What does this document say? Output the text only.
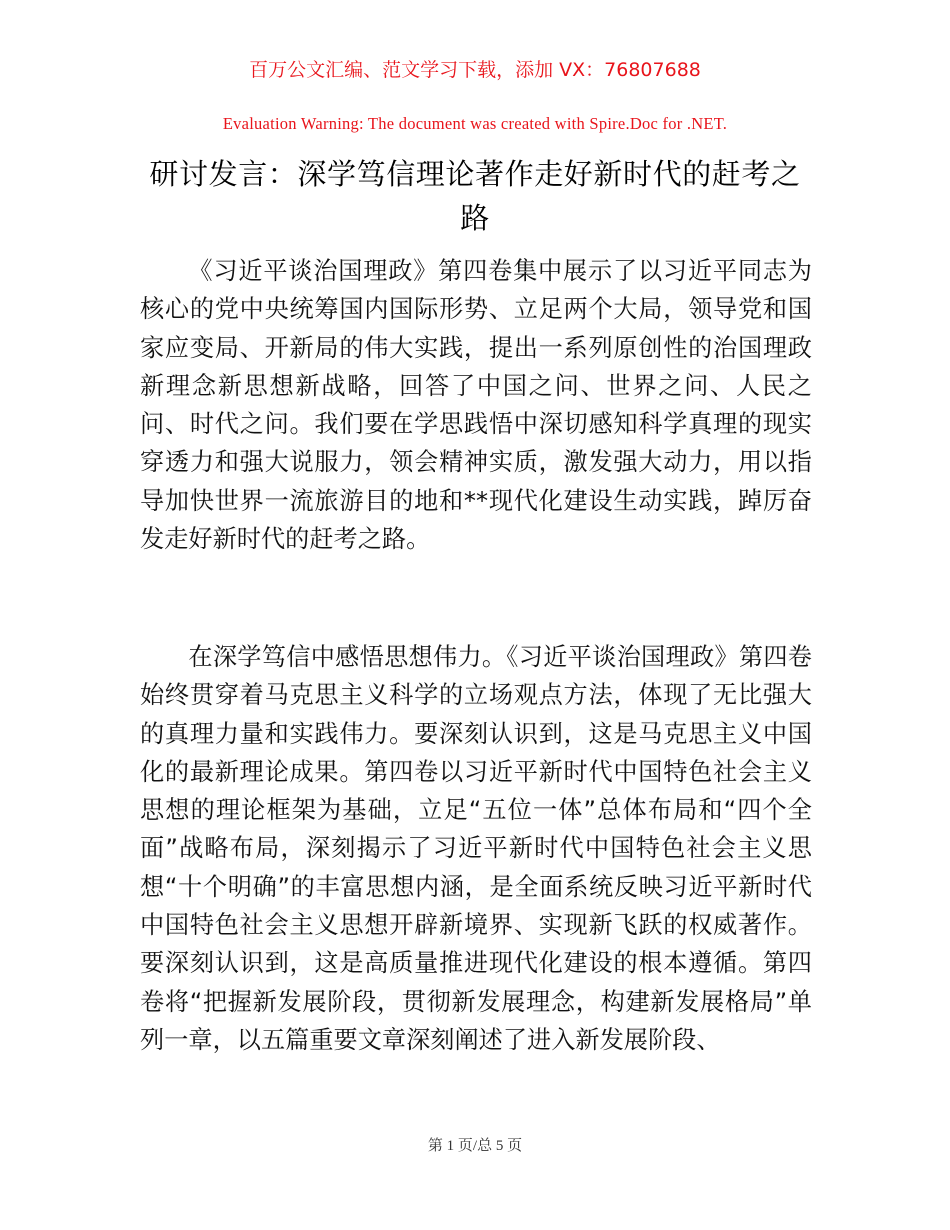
百万公文汇编、范文学习下载，添加 VX：76807688
Evaluation Warning: The document was created with Spire.Doc for .NET.
研讨发言：深学笃信理论著作走好新时代的赶考之路

《习近平谈治国理政》第四卷集中展示了以习近平同志为核心的党中央统筹国内国际形势、立足两个大局，领导党和国家应变局、开新局的伟大实践，提出一系列原创性的治国理政新理念新思想新战略，回答了中国之问、世界之问、人民之问、时代之问。我们要在学思践悟中深切感知科学真理的现实穿透力和强大说服力，领会精神实质，激发强大动力，用以指导加快世界一流旅游目的地和**现代化建设生动实践，踔厉奋发走好新时代的赶考之路。

在深学笃信中感悟思想伟力。《习近平谈治国理政》第四卷始终贯穿着马克思主义科学的立场观点方法，体现了无比强大的真理力量和实践伟力。要深刻认识到，这是马克思主义中国化的最新理论成果。第四卷以习近平新时代中国特色社会主义思想的理论框架为基础，立足“五位一体”总体布局和“四个全面”战略布局，深刻揭示了习近平新时代中国特色社会主义思想“十个明确”的丰富思想内涵，是全面系统反映习近平新时代中国特色社会主义思想开辟新境界、实现新飞跃的权威著作。要深刻认识到，这是高质量推进现代化建设的根本遵循。第四卷将“把握新发展阶段，贯彻新发展理念，构建新发展格局”单列一章，以五篇重要文章深刻阐述了进入新发展阶段、

第 1 页/总 5 页
